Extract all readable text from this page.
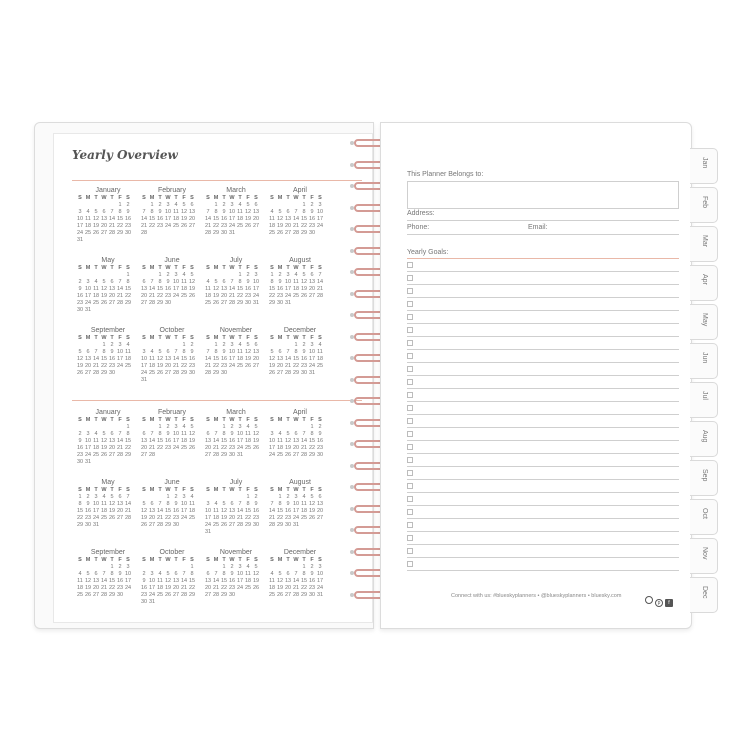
Yearly Overview
January
S M T W T F S
1 2
3 4 5 6 7 8 9
10 11 12 13 14 15 16
17 18 19 20 21 22 23
24 25 26 27 28 29 30
31
February
S M T W T F S
1 2 3 4 5 6
7 8 9 10 11 12 13
14 15 16 17 18 19 20
21 22 23 24 25 26 27
28
March
S M T W T F S
1 2 3 4 5 6
7 8 9 10 11 12 13
14 15 16 17 18 19 20
21 22 23 24 25 26 27
28 29 30 31
April
S M T W T F S
1 2 3
4 5 6 7 8 9 10
11 12 13 14 15 16 17
18 19 20 21 22 23 24
25 26 27 28 29 30
May
S M T W T F S
1
2 3 4 5 6 7 8
9 10 11 12 13 14 15
16 17 18 19 20 21 22
23 24 25 26 27 28 29
30 31
June
S M T W T F S
1 2 3 4 5
6 7 8 9 10 11 12
13 14 15 16 17 18 19
20 21 22 23 24 25 26
27 28 29 30
July
S M T W T F S
1 2 3
4 5 6 7 8 9 10
11 12 13 14 15 16 17
18 19 20 21 22 23 24
25 26 27 28 29 30 31
August
S M T W T F S
1 2 3 4 5 6 7
8 9 10 11 12 13 14
15 16 17 18 19 20 21
22 23 24 25 26 27 28
29 30 31
September
S M T W T F S
1 2 3 4
5 6 7 8 9 10 11
12 13 14 15 16 17 18
19 20 21 22 23 24 25
26 27 28 29 30
October
S M T W T F S
1 2
3 4 5 6 7 8 9
10 11 12 13 14 15 16
17 18 19 20 21 22 23
24 25 26 27 28 29 30
31
November
S M T W T F S
1 2 3 4 5 6
7 8 9 10 11 12 13
14 15 16 17 18 19 20
21 22 23 24 25 26 27
28 29 30
December
S M T W T F S
1 2 3 4
5 6 7 8 9 10 11
12 13 14 15 16 17 18
19 20 21 22 23 24 25
26 27 28 29 30 31
January
S M T W T F S
1
2 3 4 5 6 7 8
9 10 11 12 13 14 15
16 17 18 19 20 21 22
23 24 25 26 27 28 29
30 31
February
S M T W T F S
1 2 3 4 5
6 7 8 9 10 11 12
13 14 15 16 17 18 19
20 21 22 23 24 25 26
27 28
March
S M T W T F S
1 2 3 4 5
6 7 8 9 10 11 12
13 14 15 16 17 18 19
20 21 22 23 24 25 26
27 28 29 30 31
April
S M T W T F S
1 2
3 4 5 6 7 8 9
10 11 12 13 14 15 16
17 18 19 20 21 22 23
24 25 26 27 28 29 30
May
S M T W T F S
1 2 3 4 5 6 7
8 9 10 11 12 13 14
15 16 17 18 19 20 21
22 23 24 25 26 27 28
29 30 31
June
S M T W T F S
1 2 3 4
5 6 7 8 9 10 11
12 13 14 15 16 17 18
19 20 21 22 23 24 25
26 27 28 29 30
July
S M T W T F S
1 2
3 4 5 6 7 8 9
10 11 12 13 14 15 16
17 18 19 20 21 22 23
24 25 26 27 28 29 30
31
August
S M T W T F S
1 2 3 4 5 6
7 8 9 10 11 12 13
14 15 16 17 18 19 20
21 22 23 24 25 26 27
28 29 30 31
September
S M T W T F S
1 2 3
4 5 6 7 8 9 10
11 12 13 14 15 16 17
18 19 20 21 22 23 24
25 26 27 28 29 30
October
S M T W T F S
1
2 3 4 5 6 7 8
9 10 11 12 13 14 15
16 17 18 19 20 21 22
23 24 25 26 27 28 29
30 31
November
S M T W T F S
1 2 3 4 5
6 7 8 9 10 11 12
13 14 15 16 17 18 19
20 21 22 23 24 25 26
27 28 29 30
December
S M T W T F S
1 2 3
4 5 6 7 8 9 10
11 12 13 14 15 16 17
18 19 20 21 22 23 24
25 26 27 28 29 30 31
This Planner Belongs to:
Address:
Phone:	Email:
Yearly Goals:
Connect with us: #blueskyplanners • @blueskyplanners • bluesky.com
p f
Jan
Feb
Mar
Apr
May
Jun
Jul
Aug
Sep
Oct
Nov
Dec
